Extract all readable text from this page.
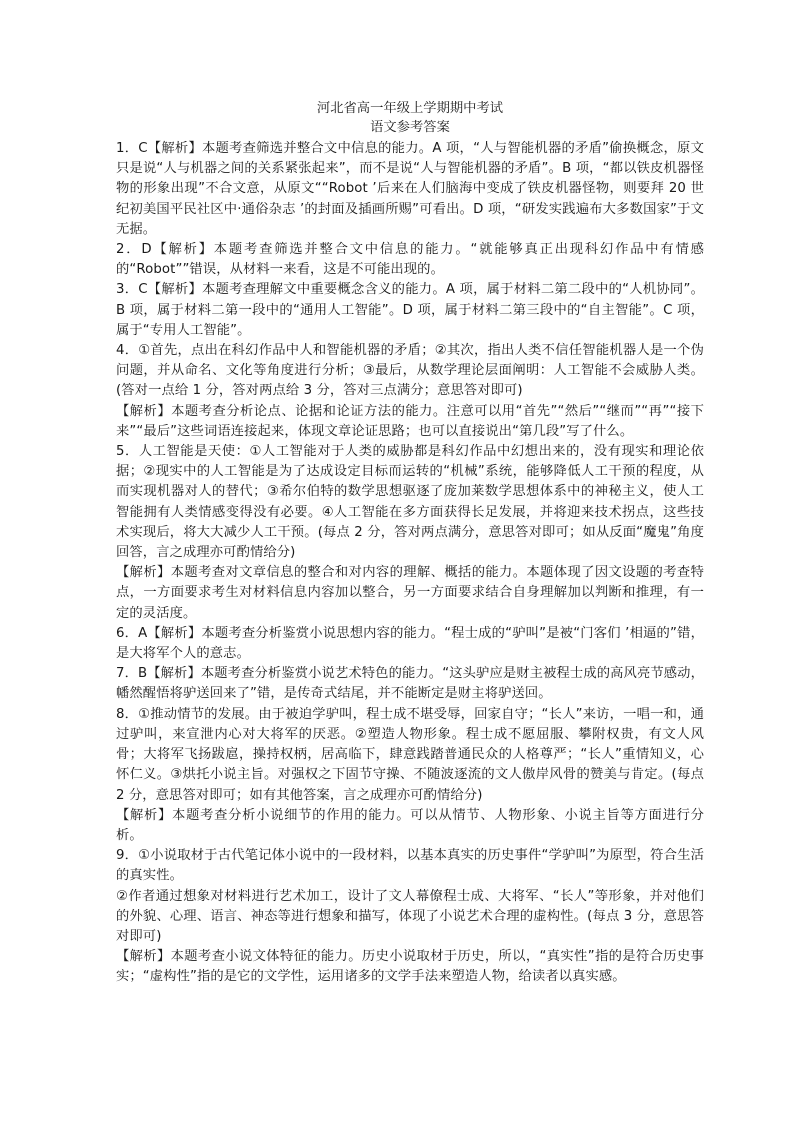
河北省高一年级上学期期中考试

语文参考答案

1．C【解析】本题考查筛选并整合文中信息的能力。A 项，“人与智能机器的矛盾”偷换概念，原文只是说“人与机器之间的关系紧张起来”，而不是说“人与智能机器的矛盾”。B 项，“都以铁皮机器怪物的形象出现”不合文意，从原文““Robot ’后来在人们脑海中变成了铁皮机器怪物，则要拜 20 世纪初美国平民社区中·通俗杂志 ’的封面及插画所赐”可看出。D 项，“研发实践遍布大多数国家”于文无据。

2．D【解析】本题考查筛选并整合文中信息的能力。“就能够真正出现科幻作品中有情感的“Robot””错误，从材料一来看，这是不可能出现的。

3．C【解析】本题考查理解文中重要概念含义的能力。A 项，属于材料二第二段中的“人机协同”。B 项，属于材料二第一段中的“通用人工智能”。D 项，属于材料二第三段中的“自主智能”。C 项，属于“专用人工智能”。

4．①首先，点出在科幻作品中人和智能机器的矛盾；②其次，指出人类不信任智能机器人是一个伪问题，并从命名、文化等角度进行分析；③最后，从数学理论层面阐明：人工智能不会威胁人类。(答对一点给 1 分，答对两点给 3 分，答对三点满分；意思答对即可)

【解析】本题考查分析论点、论据和论证方法的能力。注意可以用“首先”“然后”“继而”“再”“接下来”“最后”这些词语连接起来，体现文章论证思路；也可以直接说出“第几段”写了什么。

5．人工智能是天使：①人工智能对于人类的威胁都是科幻作品中幻想出来的，没有现实和理论依据；②现实中的人工智能是为了达成设定目标而运转的“机械”系统，能够降低人工干预的程度，从而实现机器对人的替代；③希尔伯特的数学思想驱逐了庞加莱数学思想体系中的神秘主义，使人工智能拥有人类情感变得没有必要。④人工智能在多方面获得长足发展，并将迎来技术拐点，这些技术实现后，将大大减少人工干预。(每点 2 分，答对两点满分，意思答对即可；如从反面“魔鬼”角度回答，言之成理亦可酌情给分)

【解析】本题考查对文章信息的整合和对内容的理解、概括的能力。本题体现了因文设题的考查特点，一方面要求考生对材料信息内容加以整合，另一方面要求结合自身理解加以判断和推理，有一定的灵活度。

6．A【解析】本题考查分析鉴赏小说思想内容的能力。“程士成的“驴叫”是被“门客们 ’相逼的”错，是大将军个人的意志。

7．B【解析】本题考查分析鉴赏小说艺术特色的能力。“这头驴应是财主被程士成的高风亮节感动，幡然醒悟将驴送回来了”错，是传奇式结尾，并不能断定是财主将驴送回。

8．①推动情节的发展。由于被迫学驴叫，程士成不堪受辱，回家自守；“长人”来访，一唱一和，通过驴叫，来宣泄内心对大将军的厌恶。②塑造人物形象。程士成不愿屈服、攀附权贵，有文人风骨；大将军飞扬跋扈，操持权柄，居高临下，肆意践踏普通民众的人格尊严；“长人”重情知义，心怀仁义。③烘托小说主旨。对强权之下固节守操、不随波逐流的文人傲岸风骨的赞美与肯定。(每点 2 分，意思答对即可；如有其他答案，言之成理亦可酌情给分)

【解析】本题考查分析小说细节的作用的能力。可以从情节、人物形象、小说主旨等方面进行分析。

9．①小说取材于古代笔记体小说中的一段材料，以基本真实的历史事件“学驴叫”为原型，符合生活的真实性。

②作者通过想象对材料进行艺术加工，设计了文人幕僚程士成、大将军、“长人”等形象，并对他们的外貌、心理、语言、神态等进行想象和描写，体现了小说艺术合理的虚构性。(每点 3 分，意思答对即可)

【解析】本题考查小说文体特征的能力。历史小说取材于历史，所以，“真实性”指的是符合历史事实；“虚构性”指的是它的文学性，运用诸多的文学手法来塑造人物，给读者以真实感。
